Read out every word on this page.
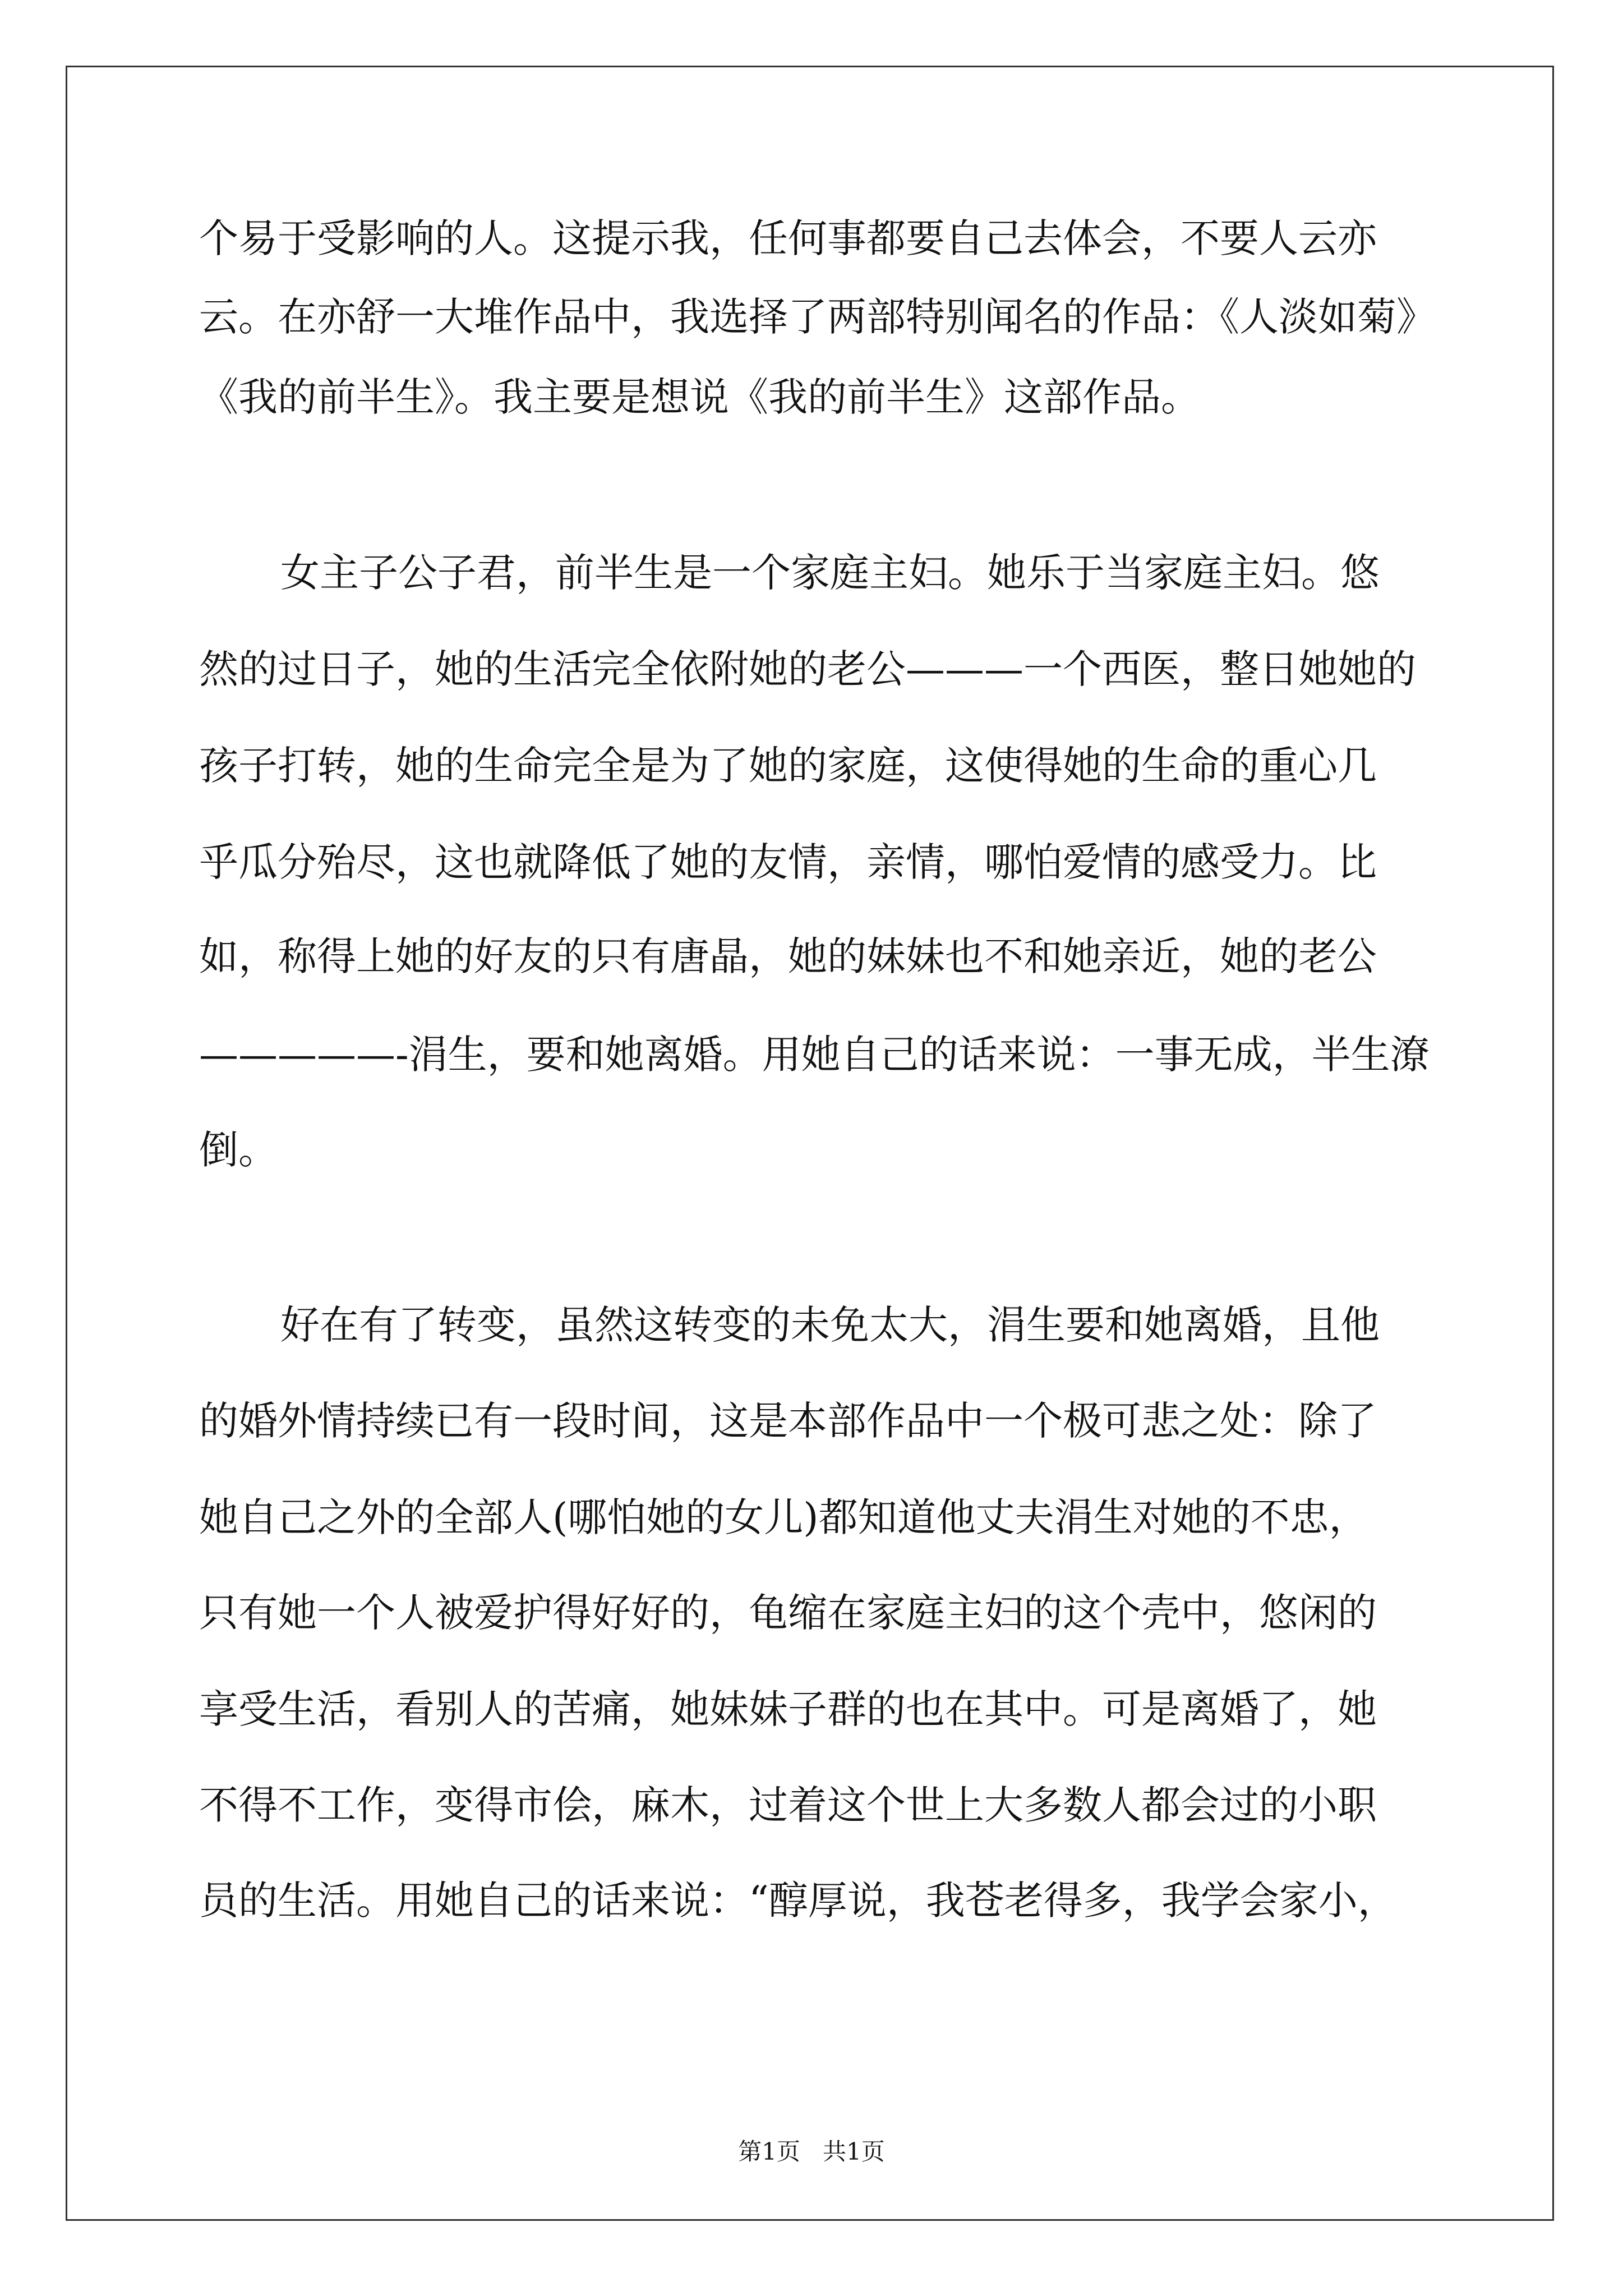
个易于受影响的人。这提示我，任何事都要自己去体会，不要人云亦
云。在亦舒一大堆作品中，我选择了两部特别闻名的作品：《人淡如菊》
《我的前半生》。我主要是想说《我的前半生》这部作品。
女主子公子君，前半生是一个家庭主妇。她乐于当家庭主妇。悠
然的过日子，她的生活完全依附她的老公———一个西医，整日她她的
孩子打转，她的生命完全是为了她的家庭，这使得她的生命的重心几
乎瓜分殆尽，这也就降低了她的友情，亲情，哪怕爱情的感受力。比
如，称得上她的好友的只有唐晶，她的妹妹也不和她亲近，她的老公
—————-涓生，要和她离婚。用她自己的话来说：一事无成，半生潦
倒。
好在有了转变，虽然这转变的未免太大，涓生要和她离婚，且他
的婚外情持续已有一段时间，这是本部作品中一个极可悲之处：除了
她自己之外的全部人(哪怕她的女儿)都知道他丈夫涓生对她的不忠，
只有她一个人被爱护得好好的，龟缩在家庭主妇的这个壳中，悠闲的
享受生活，看别人的苦痛，她妹妹子群的也在其中。可是离婚了，她
不得不工作，变得市侩，麻木，过着这个世上大多数人都会过的小职
员的生活。用她自己的话来说：“醇厚说，我苍老得多，我学会家小，
第1页   共1页
